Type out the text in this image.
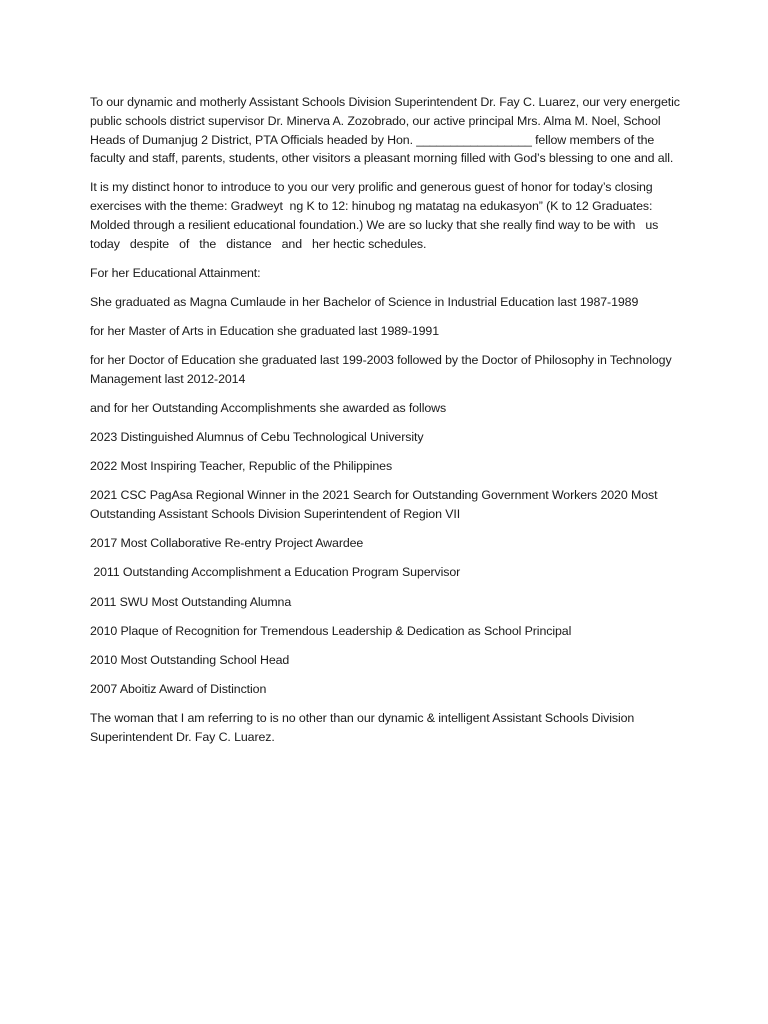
To our dynamic and motherly Assistant Schools Division Superintendent Dr. Fay C. Luarez, our very energetic public schools district supervisor Dr. Minerva A. Zozobrado, our active principal Mrs. Alma M. Noel, School Heads of Dumanjug 2 District, PTA Officials headed by Hon. _________________ fellow members of the faculty and staff, parents, students, other visitors a pleasant morning filled with God’s blessing to one and all.

It is my distinct honor to introduce to you our very prolific and generous guest of honor for today’s closing exercises with the theme: Gradweyt  ng K to 12: hinubog ng matatag na edukasyon” (K to 12 Graduates: Molded through a resilient educational foundation.) We are so lucky that she really find way to be with   us   today   despite   of   the   distance   and   her hectic schedules.

For her Educational Attainment:

She graduated as Magna Cumlaude in her Bachelor of Science in Industrial Education last 1987-1989

for her Master of Arts in Education she graduated last 1989-1991

for her Doctor of Education she graduated last 199-2003 followed by the Doctor of Philosophy in Technology Management last 2012-2014

and for her Outstanding Accomplishments she awarded as follows

2023 Distinguished Alumnus of Cebu Technological University

2022 Most Inspiring Teacher, Republic of the Philippines

2021 CSC PagAsa Regional Winner in the 2021 Search for Outstanding Government Workers 2020 Most Outstanding Assistant Schools Division Superintendent of Region VII

2017 Most Collaborative Re-entry Project Awardee

2011 Outstanding Accomplishment a Education Program Supervisor

2011 SWU Most Outstanding Alumna

2010 Plaque of Recognition for Tremendous Leadership & Dedication as School Principal

2010 Most Outstanding School Head

2007 Aboitiz Award of Distinction

The woman that I am referring to is no other than our dynamic & intelligent Assistant Schools Division Superintendent Dr. Fay C. Luarez.
